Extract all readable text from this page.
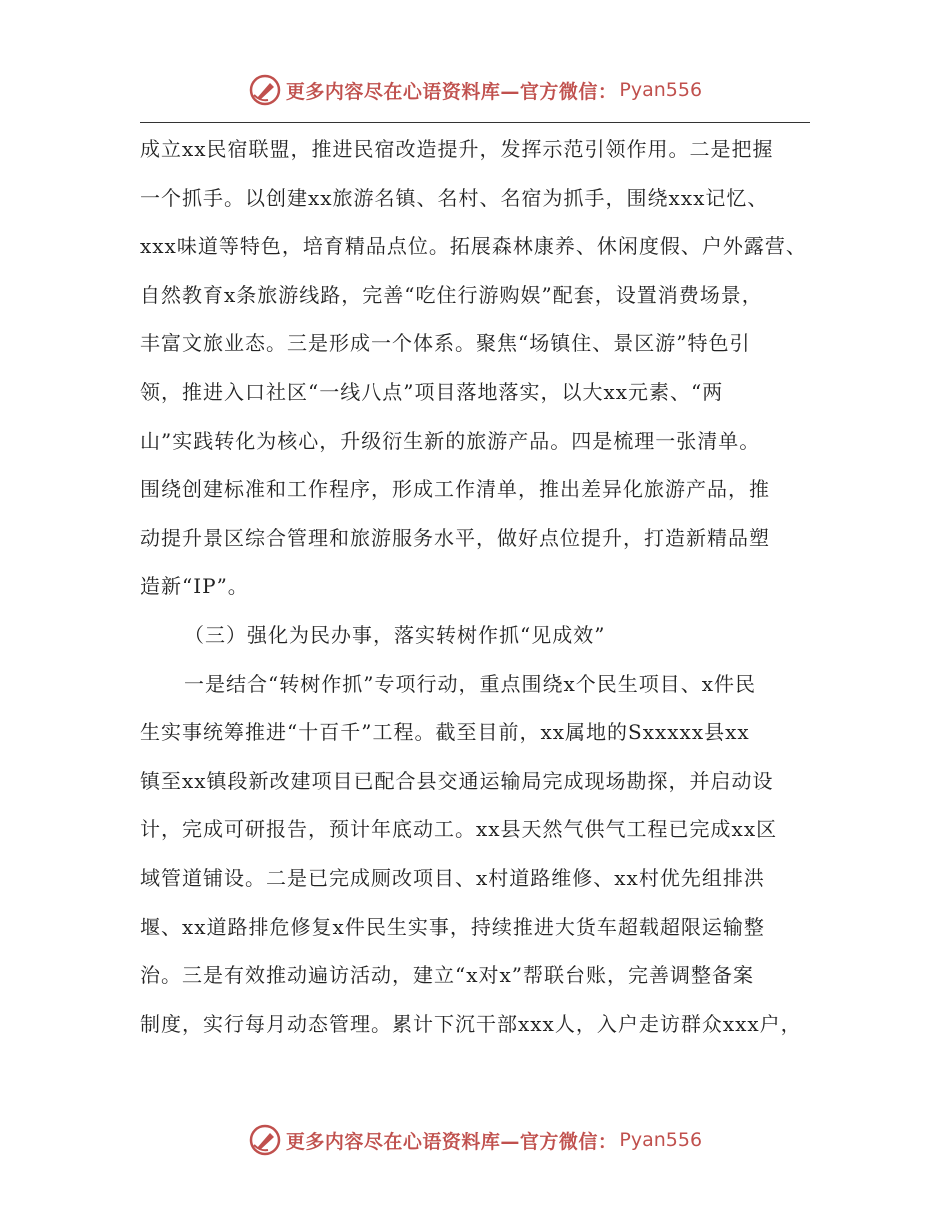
更多内容尽在心语资料库—官方微信： Pyan556
成立xx民宿联盟，推进民宿改造提升，发挥示范引领作用。二是把握
一个抓手。以创建xx旅游名镇、名村、名宿为抓手，围绕xxx记忆、
xxx味道等特色，培育精品点位。拓展森林康养、休闲度假、户外露营、
自然教育x条旅游线路，完善“吃住行游购娱”配套，设置消费场景，
丰富文旅业态。三是形成一个体系。聚焦“场镇住、景区游”特色引
领，推进入口社区“一线八点”项目落地落实，以大xx元素、“两
山”实践转化为核心，升级衍生新的旅游产品。四是梳理一张清单。
围绕创建标准和工作程序，形成工作清单，推出差异化旅游产品，推
动提升景区综合管理和旅游服务水平，做好点位提升，打造新精品塑
造新“IP”。
（三）强化为民办事，落实转树作抓“见成效”
一是结合“转树作抓”专项行动，重点围绕x个民生项目、x件民
生实事统筹推进“十百千”工程。截至目前，xx属地的Sxxxxx县xx
镇至xx镇段新改建项目已配合县交通运输局完成现场勘探，并启动设
计，完成可研报告，预计年底动工。xx县天然气供气工程已完成xx区
域管道铺设。二是已完成厕改项目、x村道路维修、xx村优先组排洪
堰、xx道路排危修复x件民生实事，持续推进大货车超载超限运输整
治。三是有效推动遍访活动，建立“x对x”帮联台账，完善调整备案
制度，实行每月动态管理。累计下沉干部xxx人，入户走访群众xxx户，
更多内容尽在心语资料库—官方微信： Pyan556
